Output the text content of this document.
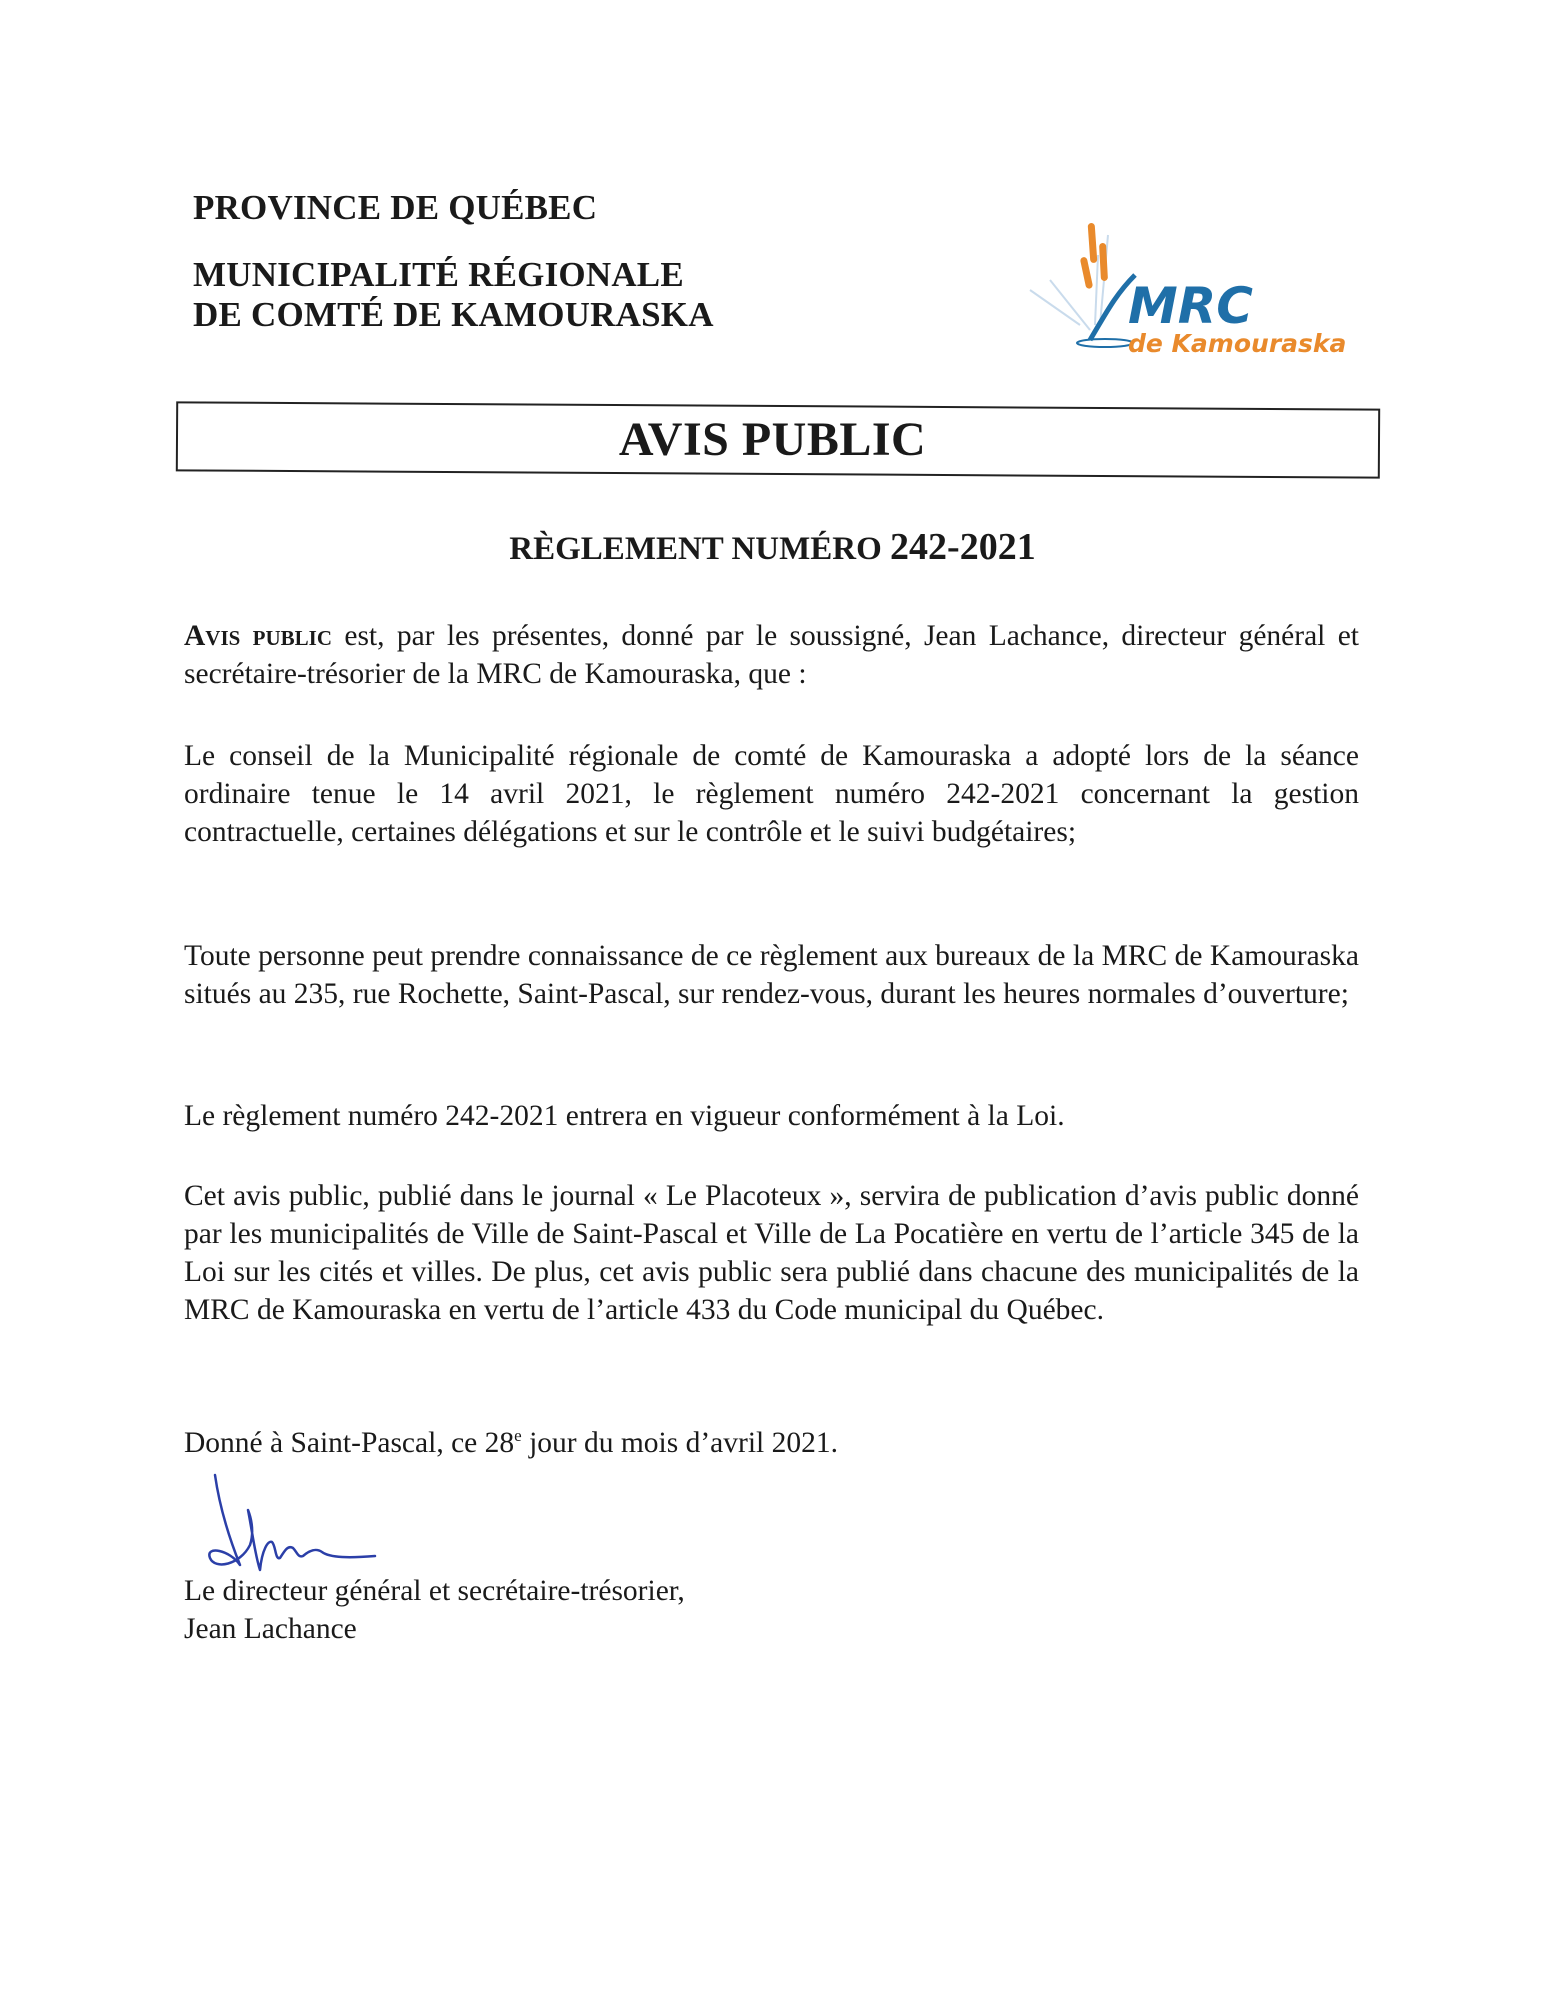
PROVINCE DE QUÉBEC
MUNICIPALITÉ RÉGIONALE
DE COMTÉ DE KAMOURASKA	MRC
de Kamouraska
AVIS PUBLIC
RÈGLEMENT NUMÉRO 242-2021
Avis public est, par les présentes, donné par le soussigné, Jean Lachance, directeur général et secrétaire-trésorier de la MRC de Kamouraska, que :
Le conseil de la Municipalité régionale de comté de Kamouraska a adopté lors de la séance ordinaire tenue le 14 avril 2021, le règlement numéro 242-2021 concernant la gestion contractuelle, certaines délégations et sur le contrôle et le suivi budgétaires;
Toute personne peut prendre connaissance de ce règlement aux bureaux de la MRC de Kamouraska situés au 235, rue Rochette, Saint-Pascal, sur rendez-vous, durant les heures normales d’ouverture;
Le règlement numéro 242-2021 entrera en vigueur conformément à la Loi.
Cet avis public, publié dans le journal « Le Placoteux », servira de publication d’avis public donné par les municipalités de Ville de Saint-Pascal et Ville de La Pocatière en vertu de l’article 345 de la Loi sur les cités et villes. De plus, cet avis public sera publié dans chacune des municipalités de la MRC de Kamouraska en vertu de l’article 433 du Code municipal du Québec.
Donné à Saint-Pascal, ce 28e jour du mois d’avril 2021.
Le directeur général et secrétaire-trésorier,
Jean Lachance
